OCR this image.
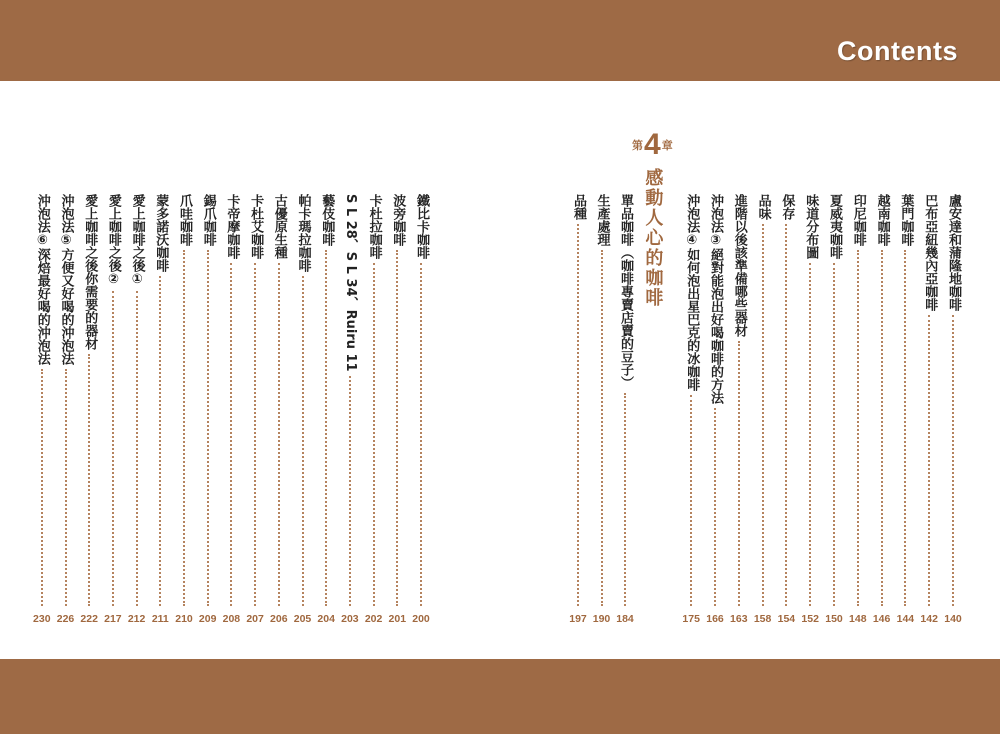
Contents
第 4 章
感動人心的咖啡	盧安達和蒲隆地咖啡
140
巴布亞紐幾內亞咖啡
142
葉門咖啡
144
越南咖啡
146
印尼咖啡
148
夏威夷咖啡
150
味道分布圖
152
保存
154
品味
158
進階以後該準備哪些器材
163
沖泡法③絕對能泡出好喝咖啡的方法
166
沖泡法④如何泡出星巴克的冰咖啡
175
單品咖啡（咖啡專賣店賣的豆子）
184
生產處理
190
品種
197
鐵比卡咖啡
200
波旁咖啡
201
卡杜拉咖啡
202
S L 28、S L 34、Ruiru 11
203
藝伎咖啡
204
帕卡瑪拉咖啡
205
古優原生種
206
卡杜艾咖啡
207
卡帝摩咖啡
208
錫爪咖啡
209
爪哇咖啡
210
蒙多諾沃咖啡
211
愛上咖啡之後①
212
愛上咖啡之後②
217
愛上咖啡之後你需要的器材
222
沖泡法⑤方便又好喝的沖泡法
226
沖泡法⑥深焙最好喝的沖泡法
230
